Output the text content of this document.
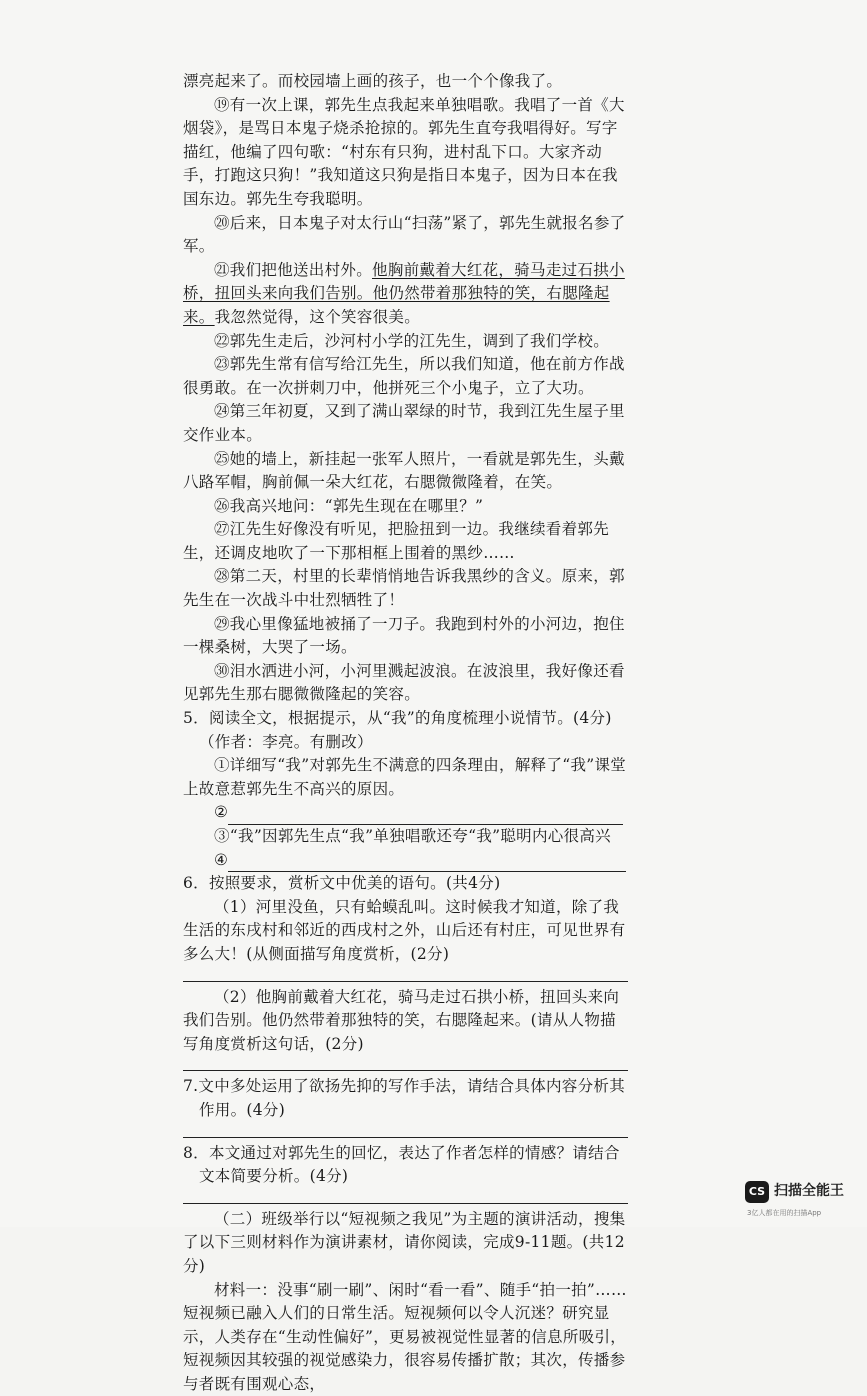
漂亮起来了。而校园墙上画的孩子，也一个个像我了。

⑲有一次上课，郭先生点我起来单独唱歌。我唱了一首《大烟袋》，是骂日本鬼子烧杀抢掠的。郭先生直夸我唱得好。写字描红，他编了四句歌：“村东有只狗，进村乱下口。大家齐动手，打跑这只狗！”我知道这只狗是指日本鬼子，因为日本在我国东边。郭先生夸我聪明。

⑳后来，日本鬼子对太行山“扫荡”紧了，郭先生就报名参了军。

㉑我们把他送出村外。他胸前戴着大红花，骑马走过石拱小桥，扭回头来向我们告别。他仍然带着那独特的笑，右腮隆起来。我忽然觉得，这个笑容很美。

㉒郭先生走后，沙河村小学的江先生，调到了我们学校。

㉓郭先生常有信写给江先生，所以我们知道，他在前方作战很勇敢。在一次拼刺刀中，他拼死三个小鬼子，立了大功。

㉔第三年初夏，又到了满山翠绿的时节，我到江先生屋子里交作业本。

㉕她的墙上，新挂起一张军人照片，一看就是郭先生，头戴八路军帽，胸前佩一朵大红花，右腮微微隆着，在笑。

㉖我高兴地问：“郭先生现在在哪里？”

㉗江先生好像没有听见，把脸扭到一边。我继续看着郭先生，还调皮地吹了一下那相框上围着的黑纱……

㉘第二天，村里的长辈悄悄地告诉我黑纱的含义。原来，郭先生在一次战斗中壮烈牺牲了！

㉙我心里像猛地被捅了一刀子。我跑到村外的小河边，抱住一棵桑树，大哭了一场。

㉚泪水洒进小河，小河里溅起波浪。在波浪里，我好像还看见郭先生那右腮微微隆起的笑容。

5．阅读全文，根据提示，从“我”的角度梳理小说情节。(4分)（作者：李亮。有删改）

①详细写“我”对郭先生不满意的四条理由，解释了“我”课堂上故意惹郭先生不高兴的原因。

②

③“我”因郭先生点“我”单独唱歌还夸“我”聪明内心很高兴

④

6．按照要求，赏析文中优美的语句。(共4分)

（1）河里没鱼，只有蛤蟆乱叫。这时候我才知道，除了我生活的东戌村和邻近的西戌村之外，山后还有村庄，可见世界有多么大！(从侧面描写角度赏析，(2分)

（2）他胸前戴着大红花，骑马走过石拱小桥，扭回头来向我们告别。他仍然带着那独特的笑，右腮隆起来。(请从人物描写角度赏析这句话，(2分)

7.文中多处运用了欲扬先抑的写作手法，请结合具体内容分析其作用。(4分)

8．本文通过对郭先生的回忆，表达了作者怎样的情感？请结合文本简要分析。(4分)

（二）班级举行以“短视频之我见”为主题的演讲活动，搜集了以下三则材料作为演讲素材，请你阅读，完成9-11题。(共12分)

材料一：没事“刷一刷”、闲时“看一看”、随手“拍一拍”……短视频已融入人们的日常生活。短视频何以令人沉迷？研究显示，人类存在“生动性偏好”，更易被视觉性显著的信息所吸引，短视频因其较强的视觉感染力，很容易传播扩散；其次，传播参与者既有围观心态，

CS 扫描全能王
3亿人都在用的扫描App
